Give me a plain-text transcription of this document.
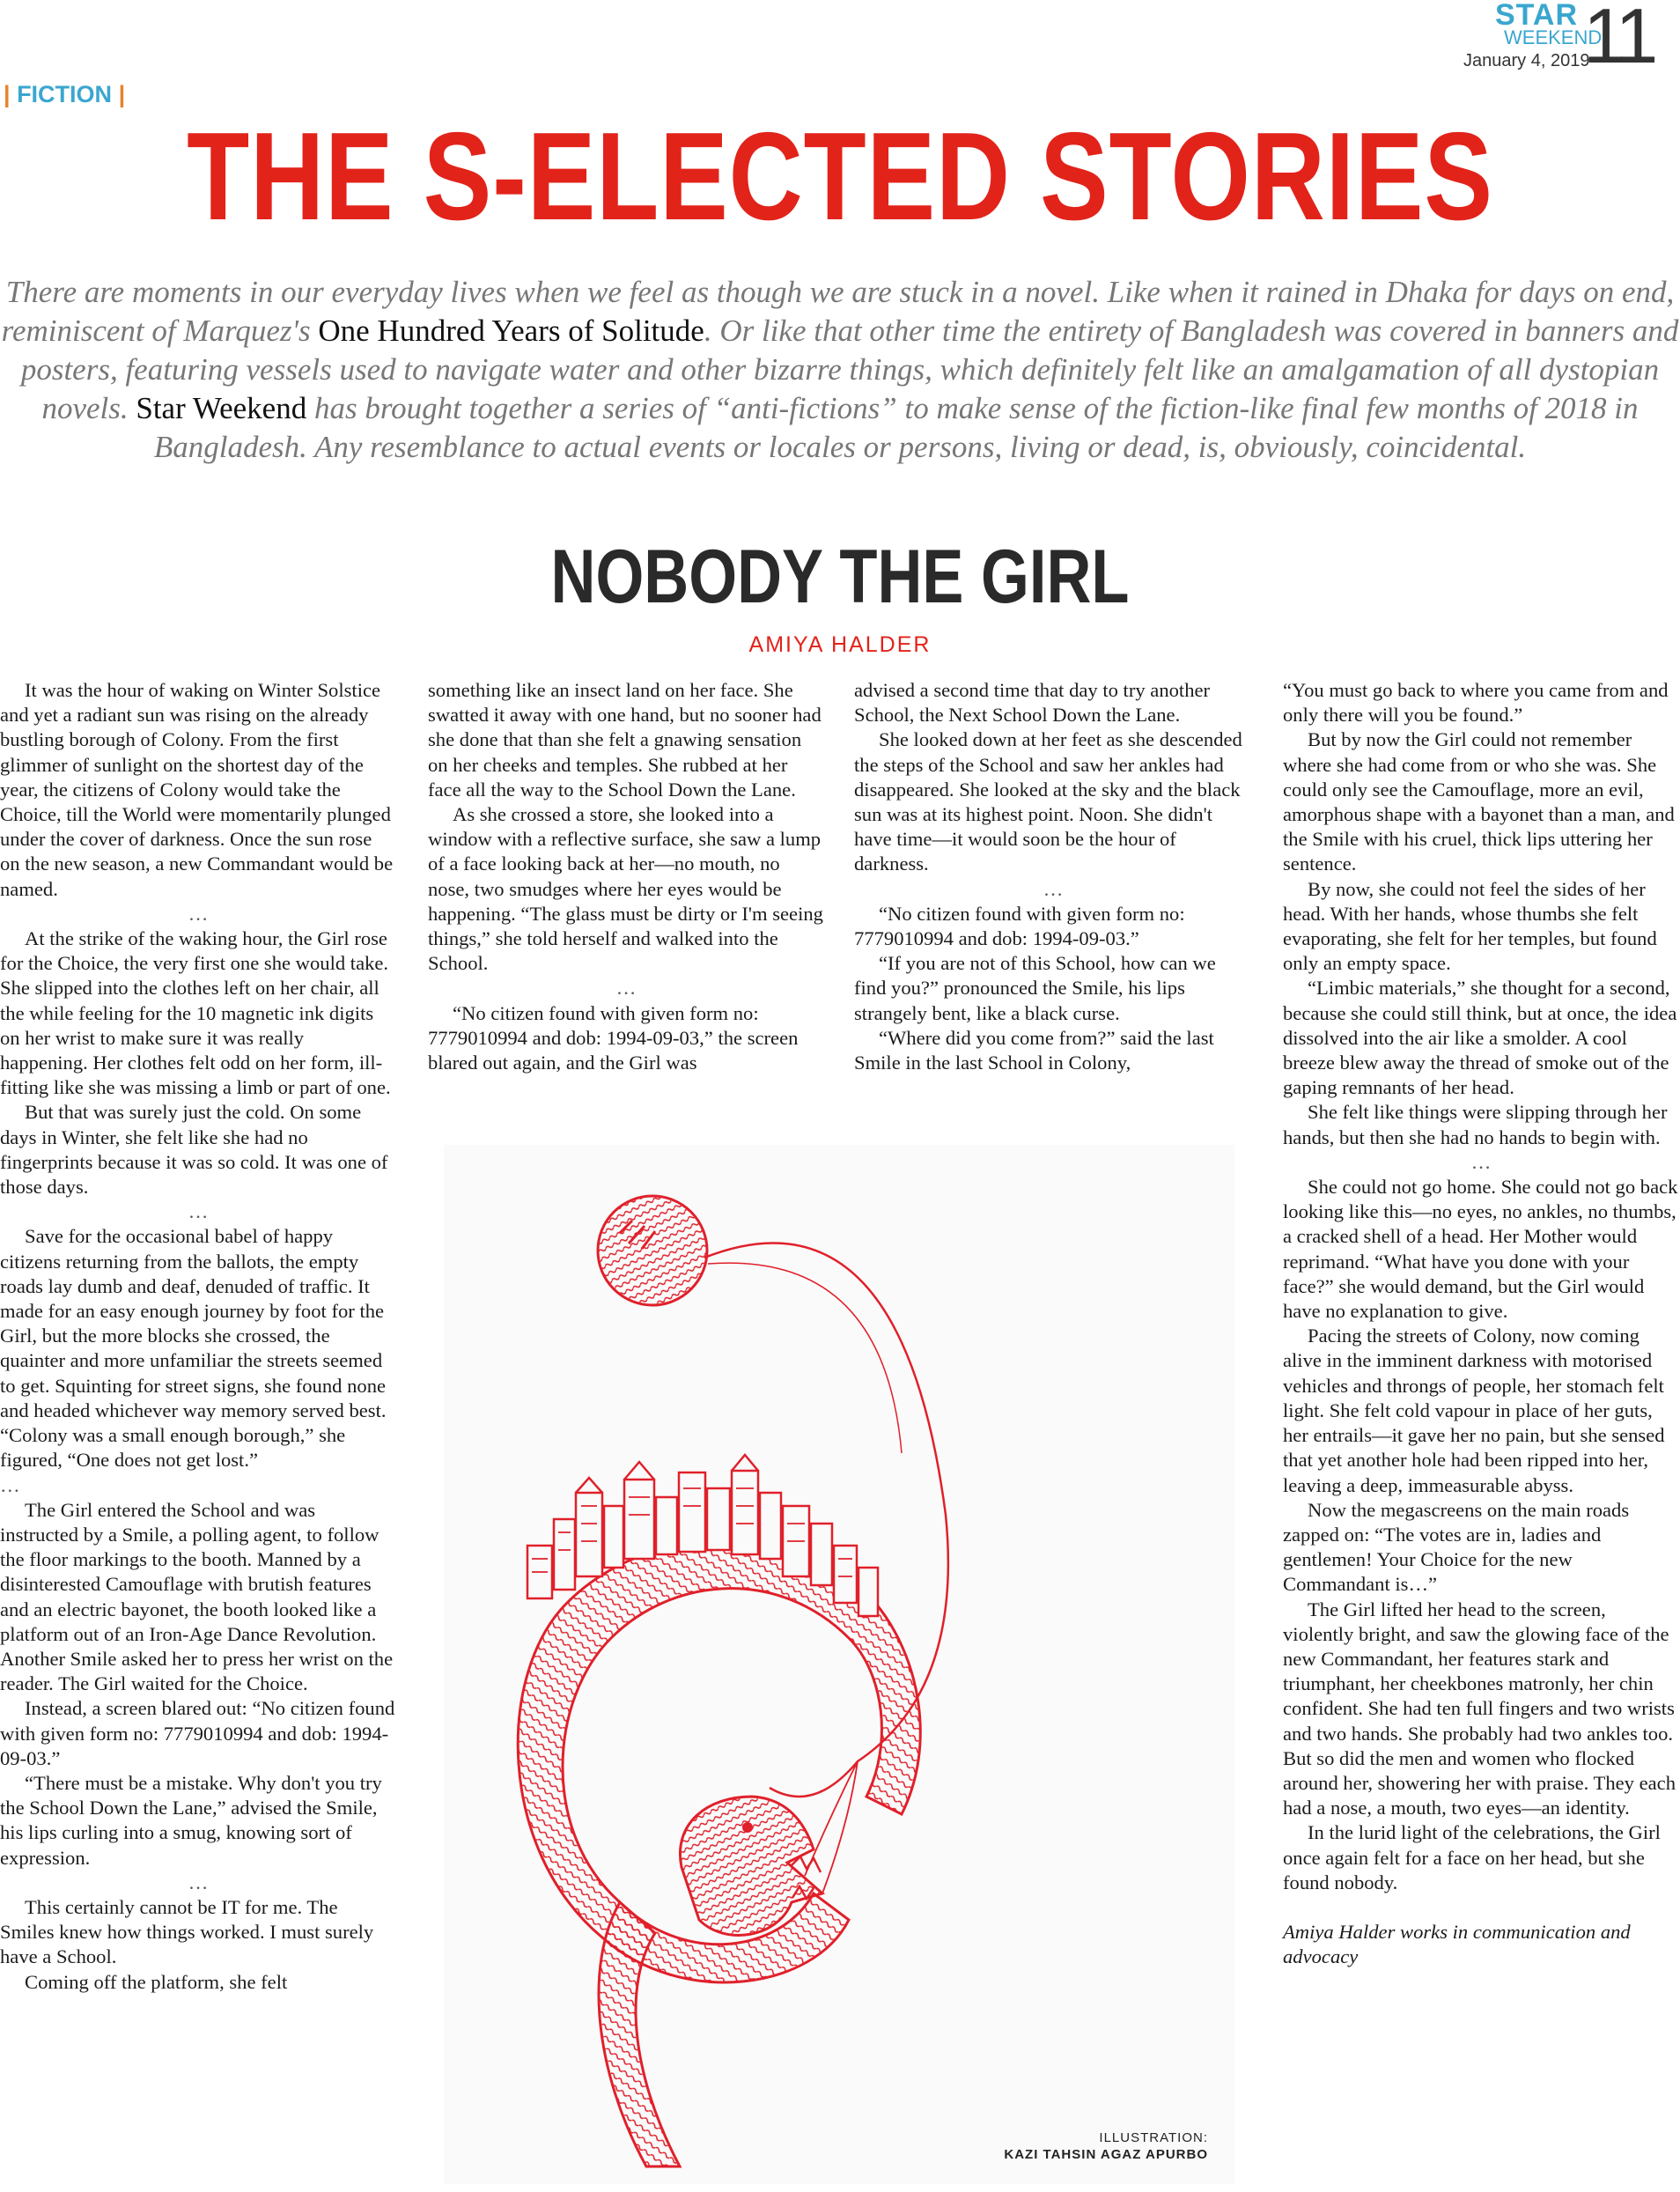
STAR
WEEKEND
January 4, 2019
11
| FICTION |
THE S-ELECTED STORIES
There are moments in our everyday lives when we feel as though we are stuck in a novel. Like when it rained in Dhaka for days on end, reminiscent of Marquez's One Hundred Years of Solitude. Or like that other time the entirety of Bangladesh was covered in banners and posters, featuring vessels used to navigate water and other bizarre things, which definitely felt like an amalgamation of all dystopian novels. Star Weekend has brought together a series of “anti-fictions” to make sense of the fiction-like final few months of 2018 in Bangladesh. Any resemblance to actual events or locales or persons, living or dead, is, obviously, coincidental.
NOBODY THE GIRL
AMIYA HALDER

It was the hour of waking on Winter Solstice and yet a radiant sun was rising on the already bustling borough of Colony. From the first glimmer of sunlight on the shortest day of the year, the citizens of Colony would take the Choice, till the World were momentarily plunged under the cover of darkness. Once the sun rose on the new season, a new Commandant would be named.

…

At the strike of the waking hour, the Girl rose for the Choice, the very first one she would take. She slipped into the clothes left on her chair, all the while feeling for the 10 magnetic ink digits on her wrist to make sure it was really happening. Her clothes felt odd on her form, ill-fitting like she was missing a limb or part of one.

But that was surely just the cold. On some days in Winter, she felt like she had no fingerprints because it was so cold. It was one of those days.

…

Save for the occasional babel of happy citizens returning from the ballots, the empty roads lay dumb and deaf, denuded of traffic. It made for an easy enough journey by foot for the Girl, but the more blocks she crossed, the quainter and more unfamiliar the streets seemed to get. Squinting for street signs, she found none and headed whichever way memory served best. “Colony was a small enough borough,” she figured, “One does not get lost.”

…

The Girl entered the School and was instructed by a Smile, a polling agent, to follow the floor markings to the booth. Manned by a disinterested Camouflage with brutish features and an electric bayonet, the booth looked like a platform out of an Iron-Age Dance Revolution. Another Smile asked her to press her wrist on the reader. The Girl waited for the Choice.

Instead, a screen blared out: “No citizen found with given form no: 7779010994 and dob: 1994-09-03.”

“There must be a mistake. Why don't you try the School Down the Lane,” advised the Smile, his lips curling into a smug, knowing sort of expression.

…

This certainly cannot be IT for me. The Smiles knew how things worked. I must surely have a School.

Coming off the platform, she felt

something like an insect land on her face. She swatted it away with one hand, but no sooner had she done that than she felt a gnawing sensation on her cheeks and temples. She rubbed at her face all the way to the School Down the Lane.

As she crossed a store, she looked into a window with a reflective surface, she saw a lump of a face looking back at her—no mouth, no nose, two smudges where her eyes would be happening. “The glass must be dirty or I'm seeing things,” she told herself and walked into the School.

…

“No citizen found with given form no: 7779010994 and dob: 1994-09-03,” the screen blared out again, and the Girl was

advised a second time that day to try another School, the Next School Down the Lane.

She looked down at her feet as she descended the steps of the School and saw her ankles had disappeared. She looked at the sky and the black sun was at its highest point. Noon. She didn't have time—it would soon be the hour of darkness.

…

“No citizen found with given form no: 7779010994 and dob: 1994-09-03.”

“If you are not of this School, how can we find you?” pronounced the Smile, his lips strangely bent, like a black curse.

“Where did you come from?” said the last Smile in the last School in Colony,

“You must go back to where you came from and only there will you be found.”

But by now the Girl could not remember where she had come from or who she was. She could only see the Camouflage, more an evil, amorphous shape with a bayonet than a man, and the Smile with his cruel, thick lips uttering her sentence.

By now, she could not feel the sides of her head. With her hands, whose thumbs she felt evaporating, she felt for her temples, but found only an empty space.

“Limbic materials,” she thought for a second, because she could still think, but at once, the idea dissolved into the air like a smolder. A cool breeze blew away the thread of smoke out of the gaping remnants of her head.

She felt like things were slipping through her hands, but then she had no hands to begin with.

…

She could not go home. She could not go back looking like this—no eyes, no ankles, no thumbs, a cracked shell of a head. Her Mother would reprimand. “What have you done with your face?” she would demand, but the Girl would have no explanation to give.

Pacing the streets of Colony, now coming alive in the imminent darkness with motorised vehicles and throngs of people, her stomach felt light. She felt cold vapour in place of her guts, her entrails—it gave her no pain, but she sensed that yet another hole had been ripped into her, leaving a deep, immeasurable abyss.

Now the megascreens on the main roads zapped on: “The votes are in, ladies and gentlemen! Your Choice for the new Commandant is…”

The Girl lifted her head to the screen, violently bright, and saw the glowing face of the new Commandant, her features stark and triumphant, her cheekbones matronly, her chin confident. She had ten full fingers and two wrists and two hands. She probably had two ankles too. But so did the men and women who flocked around her, showering her with praise. They each had a nose, a mouth, two eyes—an identity.

In the lurid light of the celebrations, the Girl once again felt for a face on her head, but she found nobody.

Amiya Halder works in communication and advocacy

ILLUSTRATION:
KAZI TAHSIN AGAZ APURBO
